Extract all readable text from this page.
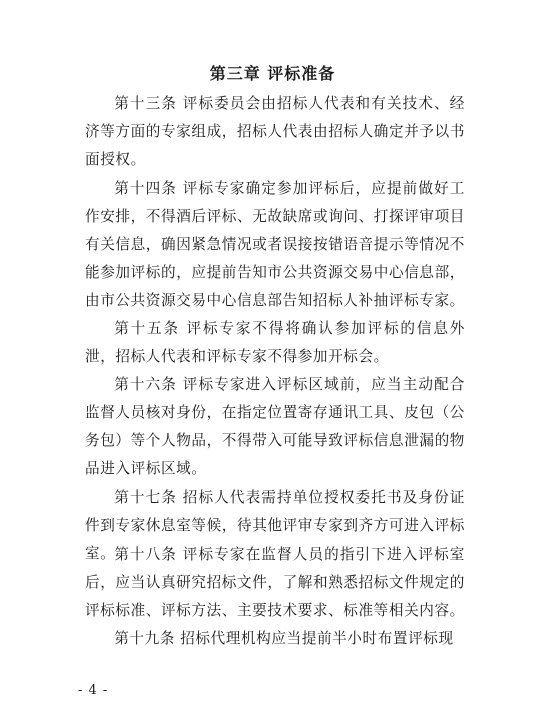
第三章 评标准备
第十三条 评标委员会由招标人代表和有关技术、经济等方面的专家组成，招标人代表由招标人确定并予以书面授权。
第十四条 评标专家确定参加评标后，应提前做好工作安排，不得酒后评标、无故缺席或询问、打探评审项目有关信息，确因紧急情况或者误接按错语音提示等情况不能参加评标的，应提前告知市公共资源交易中心信息部，由市公共资源交易中心信息部告知招标人补抽评标专家。
第十五条 评标专家不得将确认参加评标的信息外泄，招标人代表和评标专家不得参加开标会。
第十六条 评标专家进入评标区域前，应当主动配合监督人员核对身份，在指定位置寄存通讯工具、皮包（公务包）等个人物品，不得带入可能导致评标信息泄漏的物品进入评标区域。
第十七条 招标人代表需持单位授权委托书及身份证件到专家休息室等候，待其他评审专家到齐方可进入评标室。
第十八条 评标专家在监督人员的指引下进入评标室后，应当认真研究招标文件，了解和熟悉招标文件规定的评标标准、评标方法、主要技术要求、标准等相关内容。
第十九条 招标代理机构应当提前半小时布置评标现
- 4 -
